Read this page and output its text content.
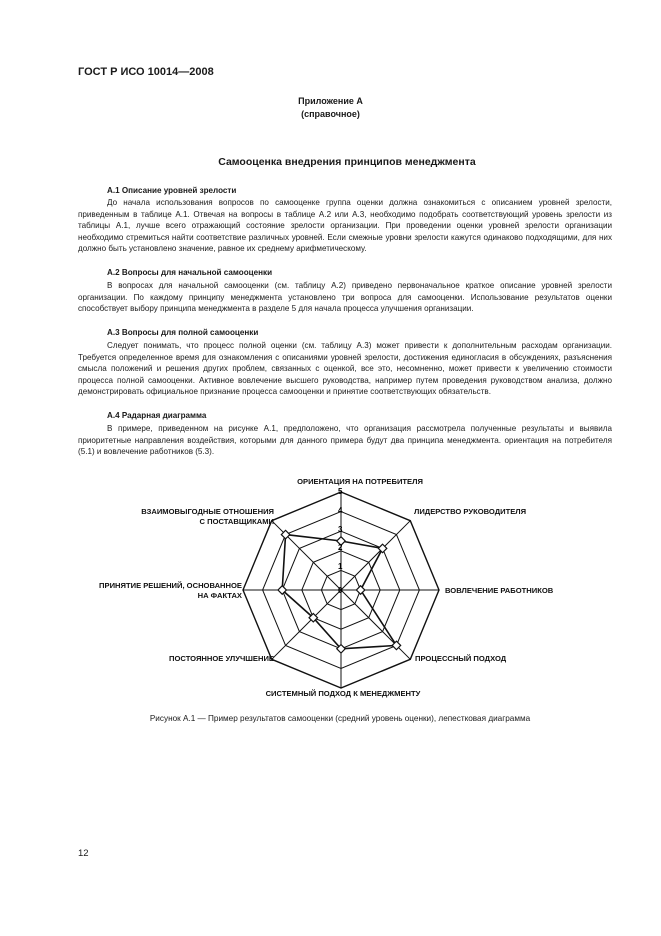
ГОСТ Р ИСО 10014—2008
Приложение А
(справочное)
Самооценка внедрения принципов менеджмента
А.1 Описание уровней зрелости

До начала использования вопросов по самооценке группа оценки должна ознакомиться с описанием уровней зрелости, приведенным в таблице А.1. Отвечая на вопросы в таблице А.2 или А.3, необходимо подобрать соответствующий уровень зрелости из таблицы А.1, лучше всего отражающий состояние зрелости организации. При проведении оценки уровней зрелости организации необходимо стремиться найти соответствие различных уровней. Если смежные уровни зрелости кажутся одинаково подходящими, для них должно быть установлено значение, равное их среднему арифметическому.

А.2 Вопросы для начальной самооценки

В вопросах для начальной самооценки (см. таблицу А.2) приведено первоначальное краткое описание уровней зрелости организации. По каждому принципу менеджмента установлено три вопроса для самооценки. Использование результатов оценки способствует выбору принципа менеджмента в разделе 5 для начала процесса улучшения организации.

А.3 Вопросы для полной самооценки

Следует понимать, что процесс полной оценки (см. таблицу А.3) может привести к дополнительным расходам организации. Требуется определенное время для ознакомления с описаниями уровней зрелости, достижения единогласия в обсуждениях, разъяснения смысла положений и решения других проблем, связанных с оценкой, все это, несомненно, может привести к увеличению стоимости процесса полной самооценки. Активное вовлечение высшего руководства, например путем проведения руководством анализа, должно демонстрировать официальное признание процесса самооценки и принятие соответствующих обязательств.

А.4 Радарная диаграмма

В примере, приведенном на рисунке А.1, предположено, что организация рассмотрела полученные результаты и выявила приоритетные направления воздействия, которыми для данного примера будут два принципа менеджмента. ориентация на потребителя (5.1) и вовлечение работников (5.3).

0
1
2
3
4
5
ОРИЕНТАЦИЯ НА ПОТРЕБИТЕЛЯ
ЛИДЕРСТВО РУКОВОДИТЕЛЯ
ВОВЛЕЧЕНИЕ РАБОТНИКОВ
ПРОЦЕССНЫЙ ПОДХОД
СИСТЕМНЫЙ ПОДХОД К МЕНЕДЖМЕНТУ
ПОСТОЯННОЕ УЛУЧШЕНИЕ
ПРИНЯТИЕ РЕШЕНИЙ, ОСНОВАННОЕ НА ФАКТАХ
ВЗАИМОВЫГОДНЫЕ ОТНОШЕНИЯ С ПОСТАВЩИКАМИ
Рисунок А.1 — Пример результатов самооценки (средний уровень оценки), лепестковая диаграмма
12
